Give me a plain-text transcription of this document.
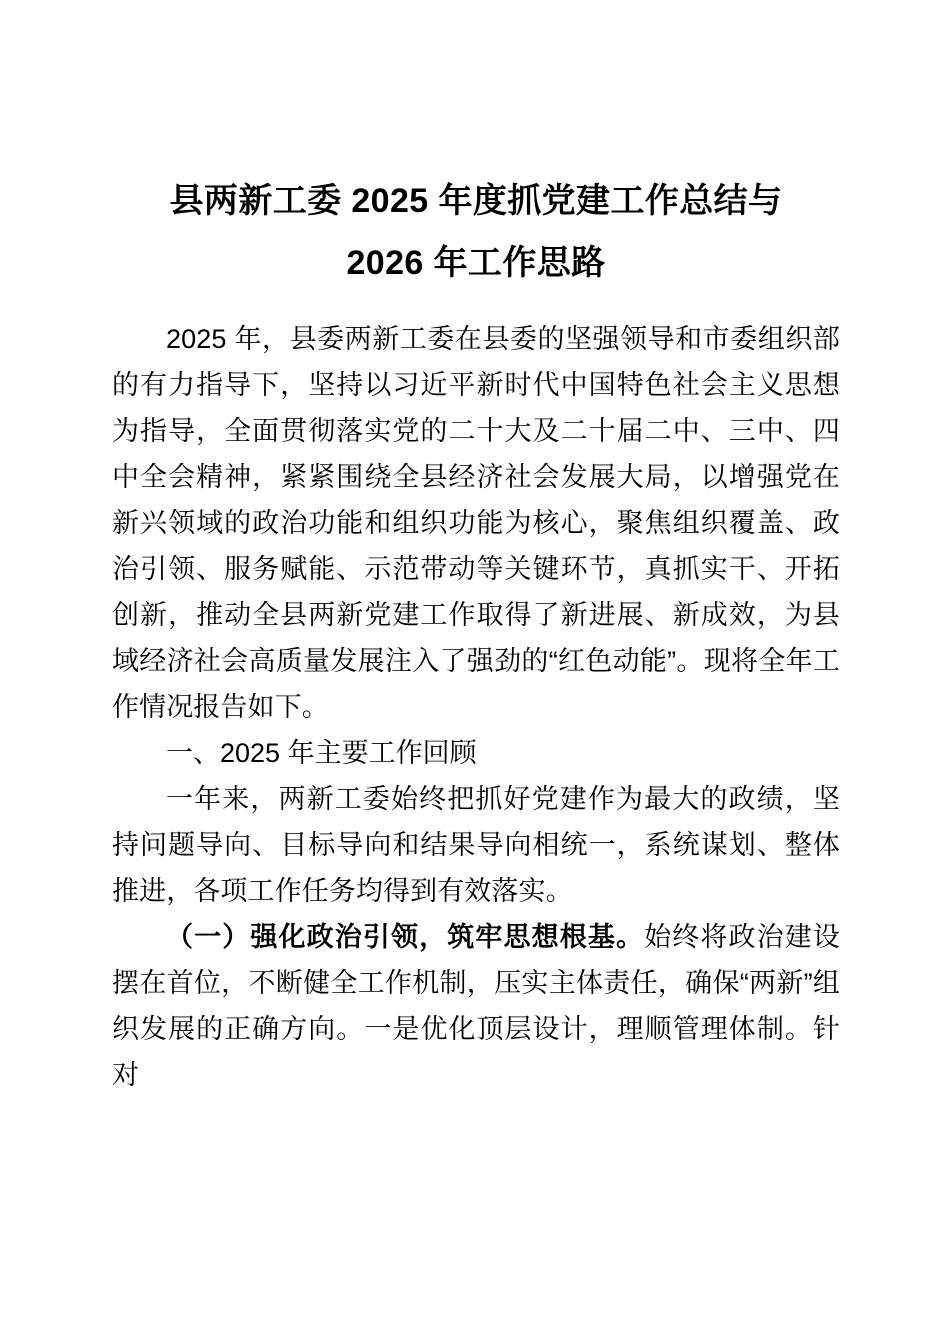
县两新工委 2025 年度抓党建工作总结与
2026 年工作思路

2025 年，县委两新工委在县委的坚强领导和市委组织部的有力指导下，坚持以习近平新时代中国特色社会主义思想为指导，全面贯彻落实党的二十大及二十届二中、三中、四中全会精神，紧紧围绕全县经济社会发展大局，以增强党在新兴领域的政治功能和组织功能为核心，聚焦组织覆盖、政治引领、服务赋能、示范带动等关键环节，真抓实干、开拓创新，推动全县两新党建工作取得了新进展、新成效，为县域经济社会高质量发展注入了强劲的“红色动能”。现将全年工作情况报告如下。

一、2025 年主要工作回顾

一年来，两新工委始终把抓好党建作为最大的政绩，坚持问题导向、目标导向和结果导向相统一，系统谋划、整体推进，各项工作任务均得到有效落实。

（一）强化政治引领，筑牢思想根基。始终将政治建设摆在首位，不断健全工作机制，压实主体责任，确保“两新”组织发展的正确方向。一是优化顶层设计，理顺管理体制。针对
